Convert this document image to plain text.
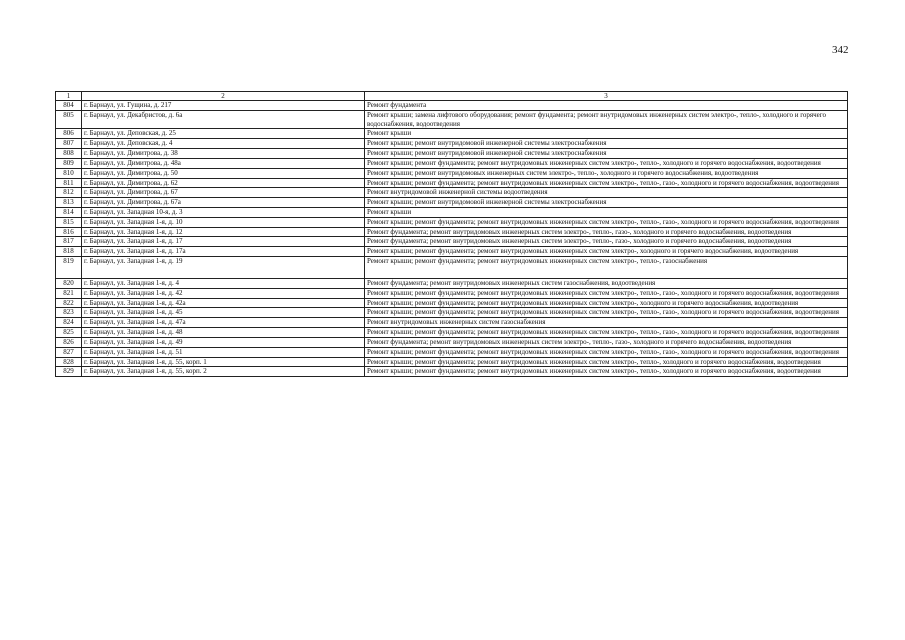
342
1	2	3
804	г. Барнаул, ул. Гущина, д. 217	Ремонт фундамента
805	г. Барнаул, ул. Декабристов, д. 6а	Ремонт крыши; замена лифтового оборудования; ремонт фундамента; ремонт внутридомовых инженерных систем электро-, тепло-, холодного и горячего водоснабжения, водоотведения
806	г. Барнаул, ул. Деповская, д. 25	Ремонт крыши
807	г. Барнаул, ул. Деповская, д. 4	Ремонт крыши; ремонт внутридомовой инженерной системы электроснабжения
808	г. Барнаул, ул. Димитрова, д. 38	Ремонт крыши; ремонт внутридомовой инженерной системы электроснабжения
809	г. Барнаул, ул. Димитрова, д. 48а	Ремонт крыши; ремонт фундамента; ремонт внутридомовых инженерных систем электро-, тепло-, холодного и горячего водоснабжения, водоотведения
810	г. Барнаул, ул. Димитрова, д. 50	Ремонт крыши; ремонт внутридомовых инженерных систем электро-, тепло-, холодного и горячего водоснабжения, водоотведения
811	г. Барнаул, ул. Димитрова, д. 62	Ремонт крыши; ремонт фундамента; ремонт внутридомовых инженерных систем электро-, тепло-, газо-, холодного и горячего водоснабжения, водоотведения
812	г. Барнаул, ул. Димитрова, д. 67	Ремонт внутридомовой инженерной системы водоотведения
813	г. Барнаул, ул. Димитрова, д. 67а	Ремонт крыши; ремонт внутридомовой инженерной системы электроснабжения
814	г. Барнаул, ул. Западная 10-я, д. 3	Ремонт крыши
815	г. Барнаул, ул. Западная 1-я, д. 10	Ремонт крыши; ремонт фундамента; ремонт внутридомовых инженерных систем электро-, тепло-, газо-, холодного и горячего водоснабжения, водоотведения
816	г. Барнаул, ул. Западная 1-я, д. 12	Ремонт фундамента; ремонт внутридомовых инженерных систем электро-, тепло-, газо-, холодного и горячего водоснабжения, водоотведения
817	г. Барнаул, ул. Западная 1-я, д. 17	Ремонт фундамента; ремонт внутридомовых инженерных систем электро-, тепло-, газо-, холодного и горячего водоснабжения, водоотведения
818	г. Барнаул, ул. Западная 1-я, д. 17а	Ремонт крыши; ремонт фундамента; ремонт внутридомовых инженерных систем электро-, холодного и горячего водоснабжения, водоотведения
819	г. Барнаул, ул. Западная 1-я, д. 19	Ремонт крыши; ремонт фундамента; ремонт внутридомовых инженерных систем электро-, тепло-, газоснабжения
820	г. Барнаул, ул. Западная 1-я, д. 4	Ремонт фундамента; ремонт внутридомовых инженерных систем газоснабжения, водоотведения
821	г. Барнаул, ул. Западная 1-я, д. 42	Ремонт крыши; ремонт фундамента; ремонт внутридомовых инженерных систем электро-, тепло-, газо-, холодного и горячего водоснабжения, водоотведения
822	г. Барнаул, ул. Западная 1-я, д. 42а	Ремонт крыши; ремонт фундамента; ремонт внутридомовых инженерных систем электро-, холодного и горячего водоснабжения, водоотведения
823	г. Барнаул, ул. Западная 1-я, д. 45	Ремонт крыши; ремонт фундамента; ремонт внутридомовых инженерных систем электро-, тепло-, газо-, холодного и горячего водоснабжения, водоотведения
824	г. Барнаул, ул. Западная 1-я, д. 47а	Ремонт внутридомовых инженерных систем газоснабжения
825	г. Барнаул, ул. Западная 1-я, д. 48	Ремонт крыши; ремонт фундамента; ремонт внутридомовых инженерных систем электро-, тепло-, газо-, холодного и горячего водоснабжения, водоотведения
826	г. Барнаул, ул. Западная 1-я, д. 49	Ремонт фундамента; ремонт внутридомовых инженерных систем электро-, тепло-, газо-, холодного и горячего водоснабжения, водоотведения
827	г. Барнаул, ул. Западная 1-я, д. 51	Ремонт крыши; ремонт фундамента; ремонт внутридомовых инженерных систем электро-, тепло-, газо-, холодного и горячего водоснабжения, водоотведения
828	г. Барнаул, ул. Западная 1-я, д. 55, корп. 1	Ремонт крыши; ремонт фундамента; ремонт внутридомовых инженерных систем электро-, тепло-, холодного и горячего водоснабжения, водоотведения
829	г. Барнаул, ул. Западная 1-я, д. 55, корп. 2	Ремонт крыши; ремонт фундамента; ремонт внутридомовых инженерных систем электро-, тепло-, холодного и горячего водоснабжения, водоотведения
